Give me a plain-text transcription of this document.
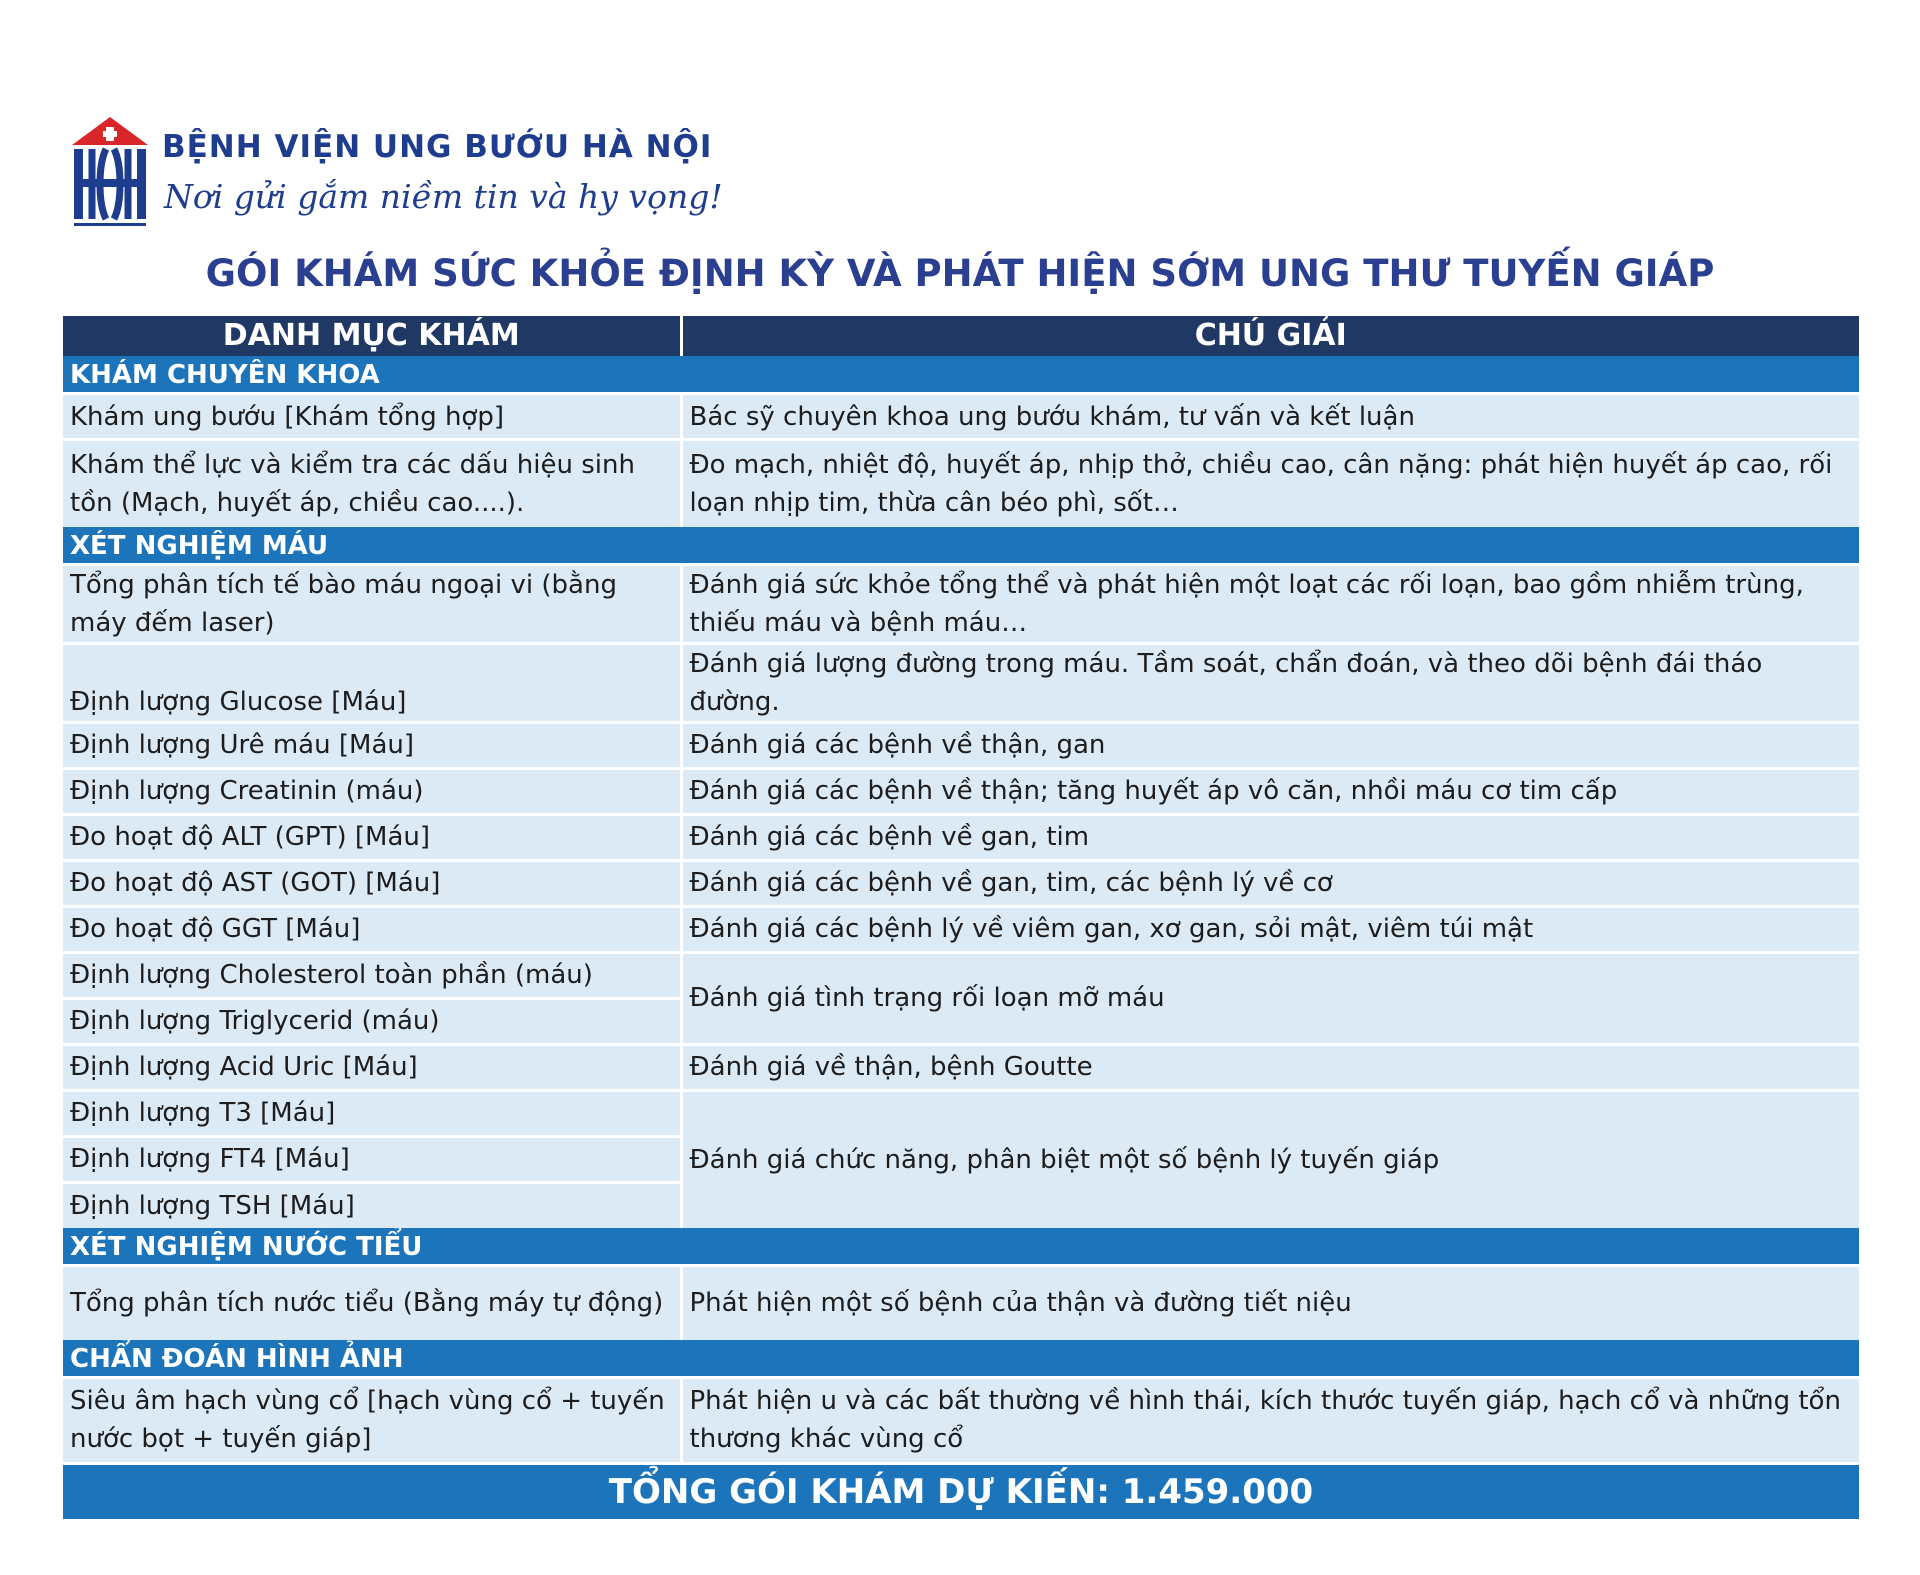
BỆNH VIỆN UNG BƯỚU HÀ NỘI

Nơi gửi gắm niềm tin và hy vọng!

GÓI KHÁM SỨC KHỎE ĐỊNH KỲ VÀ PHÁT HIỆN SỚM UNG THƯ TUYẾN GIÁP
DANH MỤC KHÁM	CHÚ GIẢI
KHÁM CHUYÊN KHOA	
Khám ung bướu [Khám tổng hợp]	Bác sỹ chuyên khoa ung bướu khám, tư vấn và kết luận
Khám thể lực và kiểm tra các dấu hiệu sinh tồn (Mạch, huyết áp, chiều cao....).	Đo mạch, nhiệt độ, huyết áp, nhịp thở, chiều cao, cân nặng: phát hiện huyết áp cao, rối loạn nhịp tim, thừa cân béo phì, sốt…
XÉT NGHIỆM MÁU	
Tổng phân tích tế bào máu ngoại vi (bằng máy đếm laser)	Đánh giá sức khỏe tổng thể và phát hiện một loạt các rối loạn, bao gồm nhiễm trùng, thiếu máu và bệnh máu…
Định lượng Glucose [Máu]	Đánh giá lượng đường trong máu. Tầm soát, chẩn đoán, và theo dõi bệnh đái tháo đường.
Định lượng Urê máu [Máu]	Đánh giá các bệnh về thận, gan
Định lượng Creatinin (máu)	Đánh giá các bệnh về thận; tăng huyết áp vô căn, nhồi máu cơ tim cấp
Đo hoạt độ ALT (GPT) [Máu]	Đánh giá các bệnh về gan, tim
Đo hoạt độ AST (GOT) [Máu]	Đánh giá các bệnh về gan, tim, các bệnh lý về cơ
Đo hoạt độ GGT [Máu]	Đánh giá các bệnh lý về viêm gan, xơ gan, sỏi mật, viêm túi mật
Định lượng Cholesterol toàn phần (máu)	Đánh giá tình trạng rối loạn mỡ máu
Định lượng Triglycerid (máu)	
Định lượng Acid Uric [Máu]	Đánh giá về thận, bệnh Goutte
Định lượng T3 [Máu]	Đánh giá chức năng, phân biệt một số bệnh lý tuyến giáp
Định lượng FT4 [Máu]	
Định lượng TSH [Máu]	
XÉT NGHIỆM NƯỚC TIỂU	
Tổng phân tích nước tiểu (Bằng máy tự động)	Phát hiện một số bệnh của thận và đường tiết niệu
CHẨN ĐOÁN HÌNH ẢNH	
Siêu âm hạch vùng cổ [hạch vùng cổ + tuyến nước bọt + tuyến giáp]	Phát hiện u và các bất thường về hình thái, kích thước tuyến giáp, hạch cổ và những tổn thương khác vùng cổ
TỔNG GÓI KHÁM DỰ KIẾN: 1.459.000	
